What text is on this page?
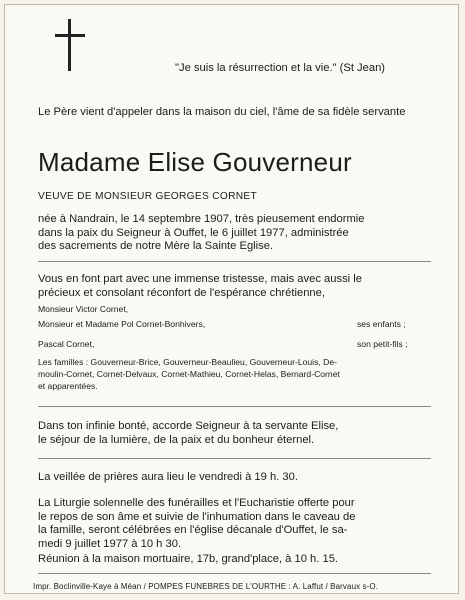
"Je suis la résurrection et la vie." (St Jean)
Le Père vient d'appeler dans la maison du ciel, l'âme de sa fidèle servante
Madame Elise Gouverneur
VEUVE DE MONSIEUR GEORGES CORNET
née à Nandrain, le 14 septembre 1907, très pieusement endormie
dans la paix du Seigneur à Ouffet, le 6 juillet 1977, administrée
des sacrements de notre Mère la Sainte Eglise.
Vous en font part avec une immense tristesse, mais avec aussi le
précieux et consolant réconfort de l'espérance chrétienne,
Monsieur Victor Cornet,
Monsieur et Madame Pol Cornet-Bonhivers,	ses enfants ;
Pascal Cornet,	son petit-fils ;
Les familles : Gouverneur-Brice, Gouverneur-Beaulieu, Gouverneur-Louis, De-
moulin-Cornet, Cornet-Delvaux, Cornet-Mathieu, Cornet-Helas, Bernard-Cornet
et apparentées.
Dans ton infinie bonté, accorde Seigneur à ta servante Elise,
le séjour de la lumière, de la paix et du bonheur éternel.
La veillée de prières aura lieu le vendredi à 19 h. 30.
La Liturgie solennelle des funérailles et l'Eucharistie offerte pour
le repos de son âme et suivie de l'inhumation dans le caveau de
la famille, seront célébrées en l'église décanale d'Ouffet, le sa-
medi 9 juillet 1977 à 10 h 30.
Réunion à la maison mortuaire, 17b, grand'place, à 10 h. 15.
Impr. Boclinville-Kaye à Méan / POMPES FUNEBRES DE L'OURTHE : A. Laffut / Barvaux s-O.
